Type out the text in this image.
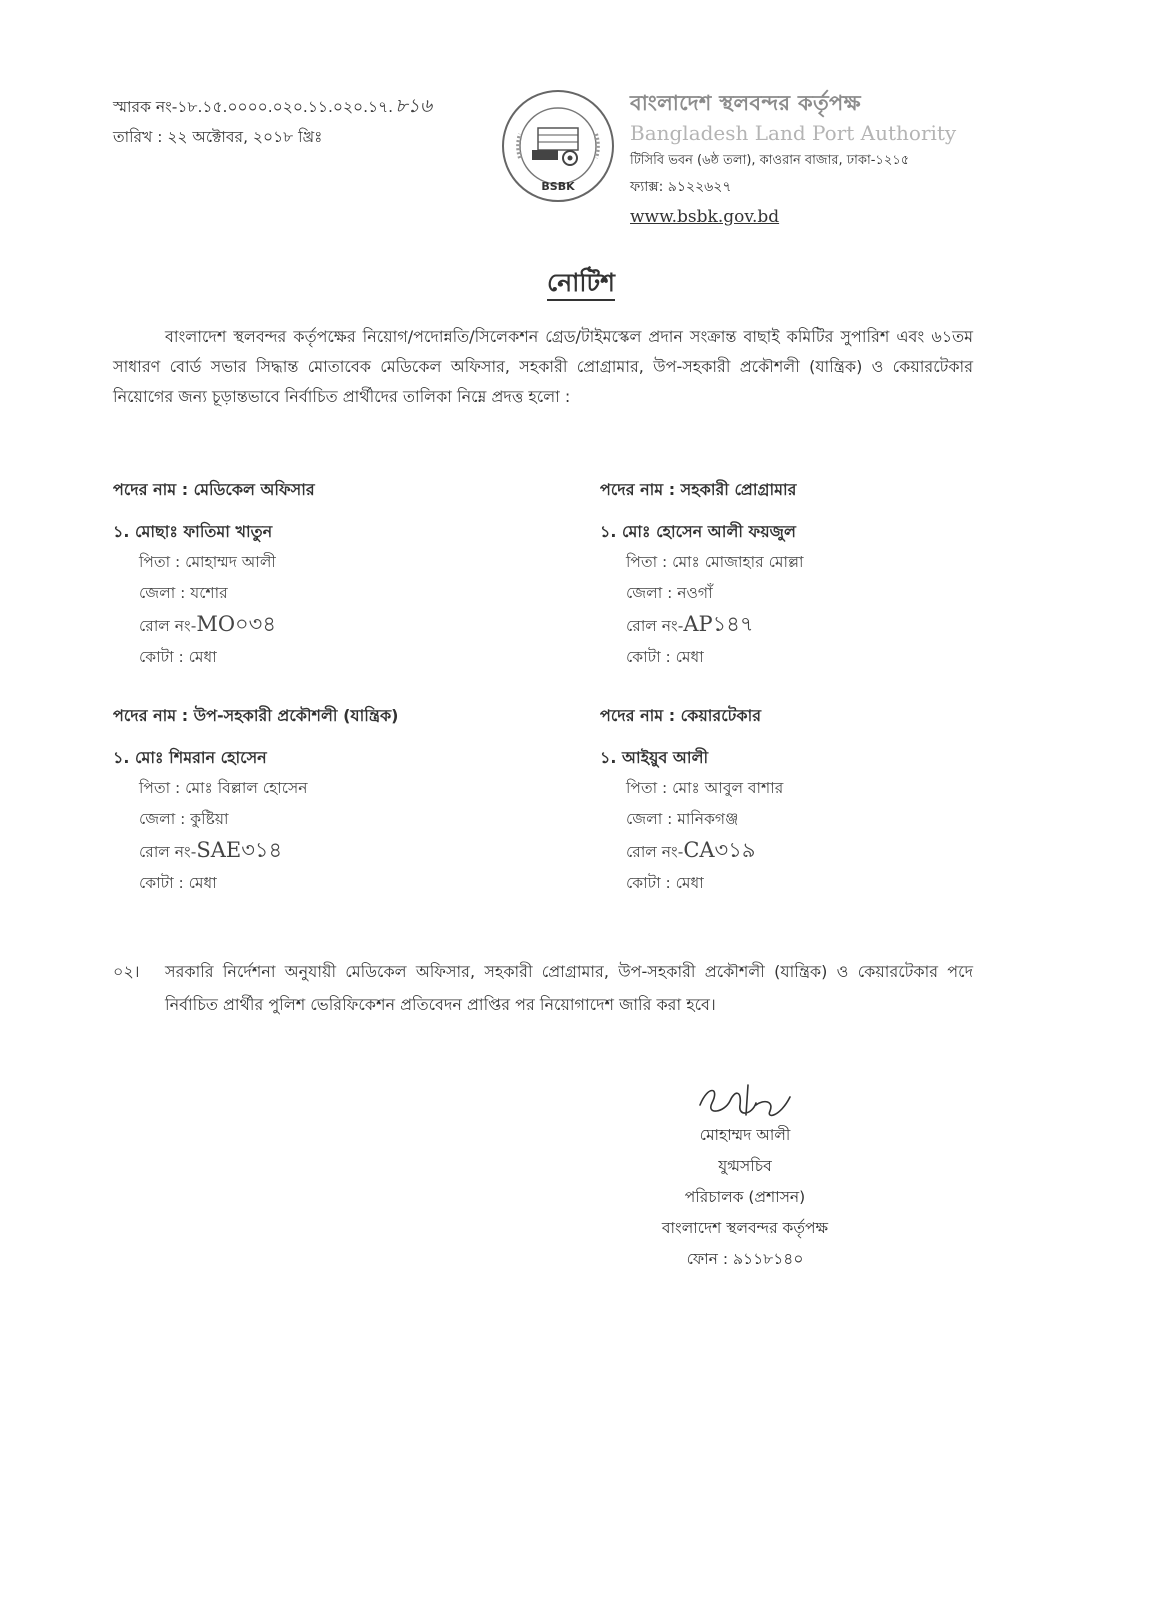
স্মারক নং-১৮.১৫.০০০০.০২০.১১.০২০.১৭. ৮১৬
তারিখ : ২২ অক্টোবর, ২০১৮ খ্রিঃ
BSBK
বাংলাদেশ স্থলবন্দর কর্তৃপক্ষ
Bangladesh Land Port Authority
টিসিবি ভবন (৬ষ্ঠ তলা), কাওরান বাজার, ঢাকা-১২১৫
ফ্যাক্স: ৯১২২৬২৭
www.bsbk.gov.bd
নোটিশ
বাংলাদেশ স্থলবন্দর কর্তৃপক্ষের নিয়োগ/পদোন্নতি/সিলেকশন গ্রেড/টাইমস্কেল প্রদান সংক্রান্ত বাছাই কমিটির সুপারিশ এবং ৬১তম সাধারণ বোর্ড সভার সিদ্ধান্ত মোতাবেক মেডিকেল অফিসার, সহকারী প্রোগ্রামার, উপ-সহকারী প্রকৌশলী (যান্ত্রিক) ও কেয়ারটেকার নিয়োগের জন্য চূড়ান্তভাবে নির্বাচিত প্রার্থীদের তালিকা নিম্নে প্রদত্ত হলো :
পদের নাম : মেডিকেল অফিসার
১. মোছাঃ ফাতিমা খাতুন
পিতা : মোহাম্মদ আলী
জেলা : যশোর
রোল নং-MO০৩৪
কোটা : মেধা
পদের নাম : সহকারী প্রোগ্রামার
১. মোঃ হোসেন আলী ফয়জুল
পিতা : মোঃ মোজাহার মোল্লা
জেলা : নওগাঁ
রোল নং-AP১৪৭
কোটা : মেধা
পদের নাম : উপ-সহকারী প্রকৌশলী (যান্ত্রিক)
১. মোঃ শিমরান হোসেন
পিতা : মোঃ বিল্লাল হোসেন
জেলা : কুষ্টিয়া
রোল নং-SAE৩১৪
কোটা : মেধা
পদের নাম : কেয়ারটেকার
১. আইয়ুব আলী
পিতা : মোঃ আবুল বাশার
জেলা : মানিকগঞ্জ
রোল নং-CA৩১৯
কোটা : মেধা
০২। সরকারি নির্দেশনা অনুযায়ী মেডিকেল অফিসার, সহকারী প্রোগ্রামার, উপ-সহকারী প্রকৌশলী (যান্ত্রিক) ও কেয়ারটেকার পদে নির্বাচিত প্রার্থীর পুলিশ ভেরিফিকেশন প্রতিবেদন প্রাপ্তির পর নিয়োগাদেশ জারি করা হবে।
মোহাম্মদ আলী
যুগ্মসচিব
পরিচালক (প্রশাসন)
বাংলাদেশ স্থলবন্দর কর্তৃপক্ষ
ফোন : ৯১১৮১৪০
